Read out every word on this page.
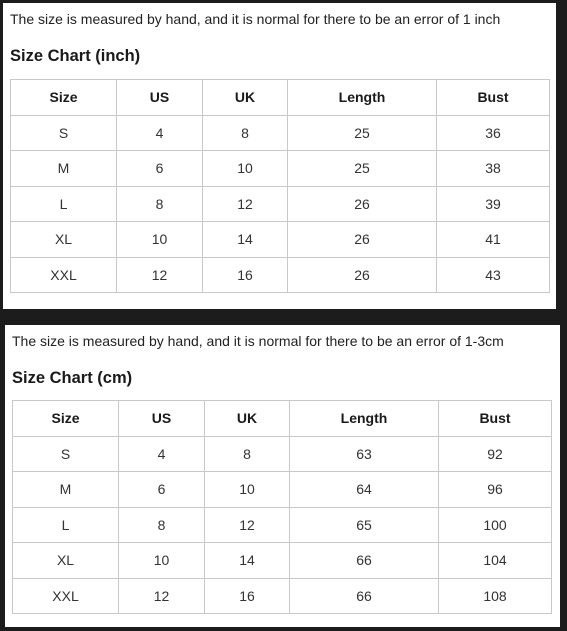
The size is measured by hand, and it is normal for there to be an error of 1 inch
Size Chart (inch)
Size	US	UK	Length	Bust
S	4	8	25	36
M	6	10	25	38
L	8	12	26	39
XL	10	14	26	41
XXL	12	16	26	43
The size is measured by hand, and it is normal for there to be an error of 1-3cm
Size Chart (cm)
Size	US	UK	Length	Bust
S	4	8	63	92
M	6	10	64	96
L	8	12	65	100
XL	10	14	66	104
XXL	12	16	66	108
